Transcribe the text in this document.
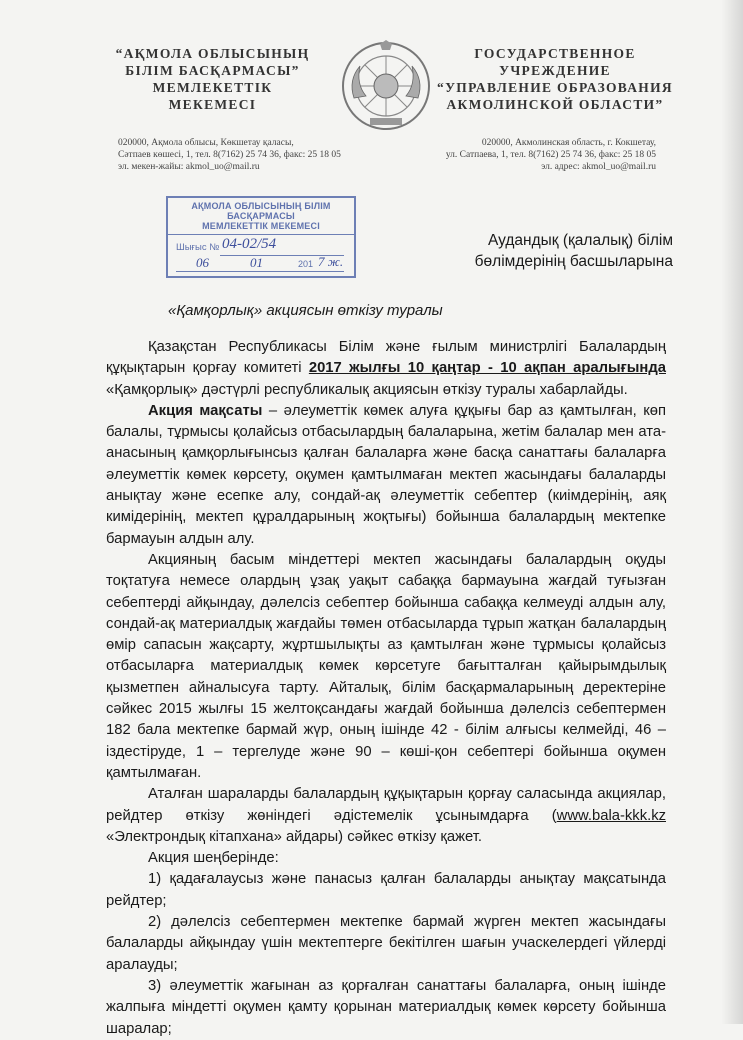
“АҚМОЛА ОБЛЫСЫНЫҢ
БІЛІМ БАСҚАРМАСЫ”
МЕМЛЕКЕТТІК
МЕКЕМЕСІ
ГОСУДАРСТВЕННОЕ
УЧРЕЖДЕНИЕ
“УПРАВЛЕНИЕ ОБРАЗОВАНИЯ
АКМОЛИНСКОЙ ОБЛАСТИ”
020000, Ақмола облысы, Көкшетау қаласы,
Сәтпаев көшесі, 1, тел. 8(7162) 25 74 36, факс: 25 18 05
эл. мекен-жайы: akmol_uo@mail.ru
020000, Акмолинская область, г. Кокшетау,
ул. Сатпаева, 1, тел. 8(7162) 25 74 36, факс: 25 18 05
эл. адрес: akmol_uo@mail.ru
АҚМОЛА ОБЛЫСЫНЫҢ БІЛІМ
БАСҚАРМАСЫ
МЕМЛЕКЕТТІК МЕКЕМЕСІ
Шығыс № 04-02/54
06	01	201 7 ж.
Аудандық (қалалық) білім
бөлімдерінің басшыларына
«Қамқорлық» акциясын өткізу туралы

Қазақстан Республикасы Білім және ғылым министрлігі Балалардың құқықтарын қорғау комитеті 2017 жылғы 10 қаңтар - 10 ақпан аралығында «Қамқорлық» дәстүрлі республикалық акциясын өткізу туралы хабарлайды.

Акция мақсаты – әлеуметтік көмек алуға құқығы бар аз қамтылған, көп балалы, тұрмысы қолайсыз отбасылардың балаларына, жетім балалар мен ата-анасының қамқорлығынсыз қалған балаларға және басқа санаттағы балаларға әлеуметтік көмек көрсету, оқумен қамтылмаған мектеп жасындағы балаларды анықтау және есепке алу, сондай-ақ әлеуметтік себептер (киімдерінің, аяқ кимідерінің, мектеп құралдарының жоқтығы) бойынша балалардың мектепке бармауын алдын алу.

Акцияның басым міндеттері мектеп жасындағы балалардың оқуды тоқтатуға немесе олардың ұзақ уақыт сабаққа бармауына жағдай туғызған себептерді айқындау, дәлелсіз себептер бойынша сабаққа келмеуді алдын алу, сондай-ақ материалдық жағдайы төмен отбасыларда тұрып жатқан балалардың өмір сапасын жақсарту, жұртшылықты аз қамтылған және тұрмысы қолайсыз отбасыларға материалдық көмек көрсетуге бағытталған қайырымдылық қызметпен айналысуға тарту. Айталық, білім басқармаларының деректеріне сәйкес 2015 жылғы 15 желтоқсандағы жағдай бойынша дәлелсіз себептермен 182 бала мектепке бармай жүр, оның ішінде 42 - білім алғысы келмейді, 46 – іздестіруде, 1 – тергелуде және 90 – көші-қон себептері бойынша оқумен қамтылмаған.

Аталған шараларды балалардың құқықтарын қорғау саласында акциялар, рейдтер өткізу жөніндегі әдістемелік ұсынымдарға (www.bala-kkk.kz «Электрондық кітапхана» айдары) сәйкес өткізу қажет.

Акция шеңберінде:

1) қадағалаусыз және панасыз қалған балаларды анықтау мақсатында рейдтер;

2) дәлелсіз себептермен мектепке бармай жүрген мектеп жасындағы балаларды айқындау үшін мектептерге бекітілген шағын учаскелердегі үйлерді аралауды;

3) әлеуметтік жағынан аз қорғалған санаттағы балаларға, оның ішінде жалпыға міндетті оқумен қамту қорынан материалдық көмек көрсету бойынша шаралар;
